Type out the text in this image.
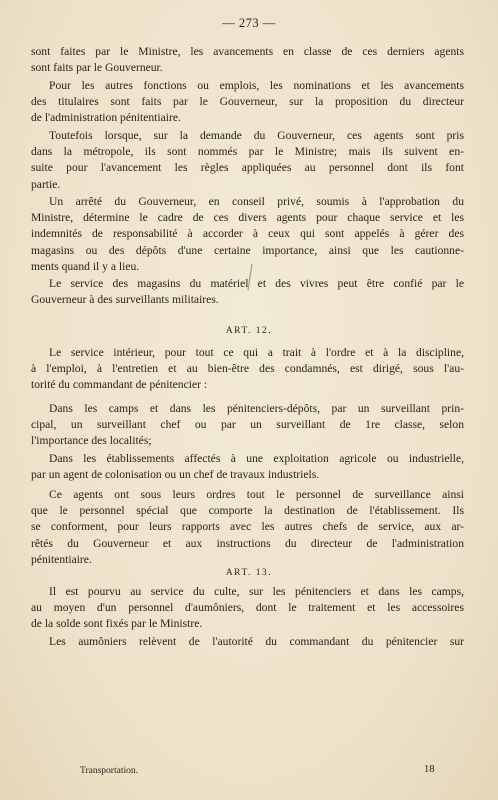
— 273 —
sont faites par le Ministre, les avancements en classe de ces derniers agents
sont faits par le Gouverneur.
Pour les autres fonctions ou emplois, les nominations et les avancements
des titulaires sont faits par le Gouverneur, sur la proposition du directeur
de l'administration pénitentiaire.
Toutefois lorsque, sur la demande du Gouverneur, ces agents sont pris
dans la métropole, ils sont nommés par le Ministre; mais ils suivent en-
suite pour l'avancement les règles appliquées au personnel dont ils font
partie.
Un arrêté du Gouverneur, en conseil privé, soumis à l'approbation du
Ministre, détermine le cadre de ces divers agents pour chaque service et les
indemnités de responsabilité à accorder à ceux qui sont appelés à gérer des
magasins ou des dépôts d'une certaine importance, ainsi que les cautionne-
ments quand il y a lieu.
Le service des magasins du matériel et des vivres peut être confié par le
Gouverneur à des surveillants militaires.
ART. 12.
Le service intérieur, pour tout ce qui a trait à l'ordre et à la discipline,
à l'emploi, à l'entretien et au bien-être des condamnés, est dirigé, sous l'au-
torité du commandant de pénitencier :
Dans les camps et dans les pénitenciers-dépôts, par un surveillant prin-
cipal, un surveillant chef ou par un surveillant de 1re classe, selon
l'importance des localités;
Dans les établissements affectés à une exploitation agricole ou industrielle,
par un agent de colonisation ou un chef de travaux industriels.
Ce agents ont sous leurs ordres tout le personnel de surveillance ainsi
que le personnel spécial que comporte la destination de l'établissement. Ils
se conforment, pour leurs rapports avec les autres chefs de service, aux ar-
rêtés du Gouverneur et aux instructions du directeur de l'administration
pénitentiaire.
ART. 13.
Il est pourvu au service du culte, sur les pénitenciers et dans les camps,
au moyen d'un personnel d'aumôniers, dont le traitement et les accessoires
de la solde sont fixés par le Ministre.
Les aumôniers relèvent de l'autorité du commandant du pénitencier sur
Transportation.	18
